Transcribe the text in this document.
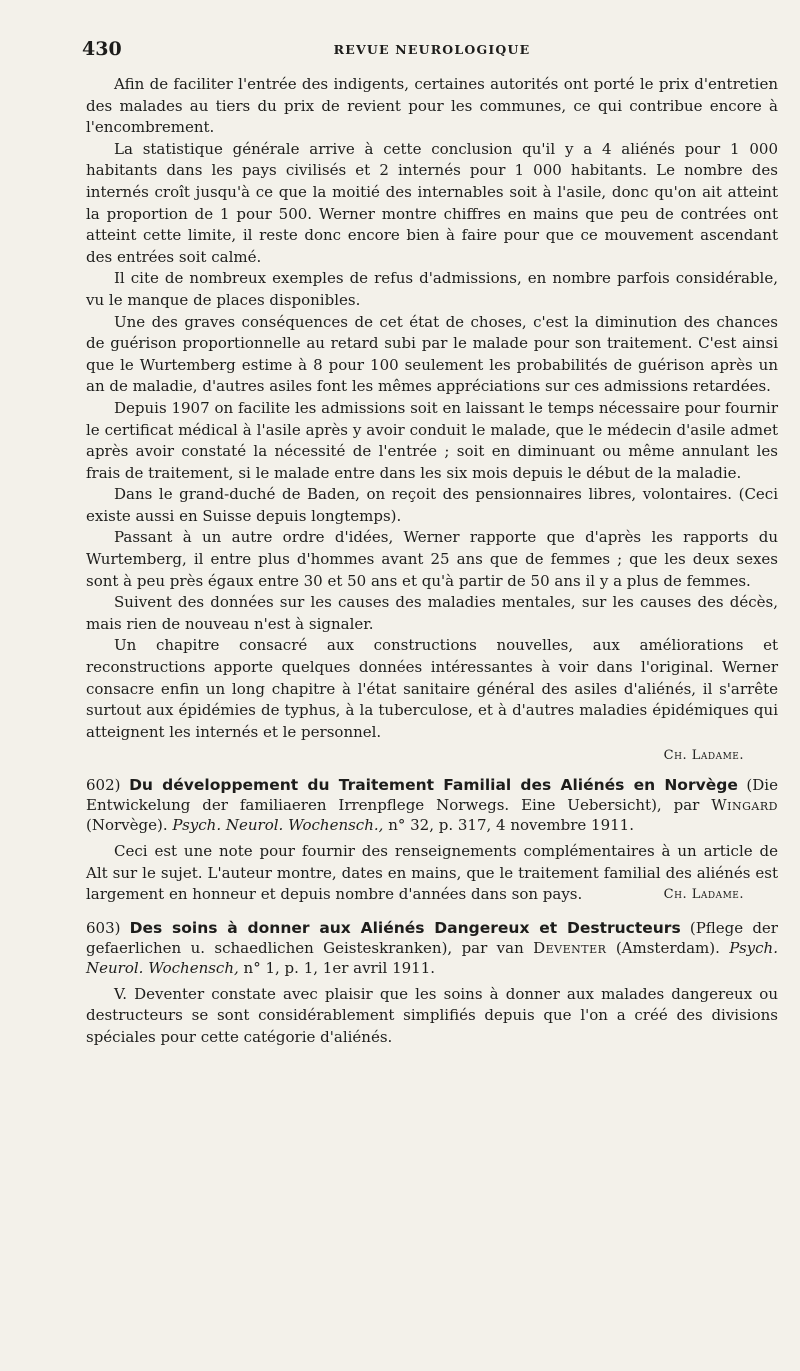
430	REVUE NEUROLOGIQUE

Afin de faciliter l'entrée des indigents, certaines autorités ont porté le prix d'entretien des malades au tiers du prix de revient pour les communes, ce qui contribue encore à l'encombrement.

La statistique générale arrive à cette conclusion qu'il y a 4 aliénés pour 1 000 habitants dans les pays civilisés et 2 internés pour 1 000 habitants. Le nombre des internés croît jusqu'à ce que la moitié des internables soit à l'asile, donc qu'on ait atteint la proportion de 1 pour 500. Werner montre chiffres en mains que peu de contrées ont atteint cette limite, il reste donc encore bien à faire pour que ce mouvement ascendant des entrées soit calmé.

Il cite de nombreux exemples de refus d'admissions, en nombre parfois considérable, vu le manque de places disponibles.

Une des graves conséquences de cet état de choses, c'est la diminution des chances de guérison proportionnelle au retard subi par le malade pour son traitement. C'est ainsi que le Wurtemberg estime à 8 pour 100 seulement les probabilités de guérison après un an de maladie, d'autres asiles font les mêmes appréciations sur ces admissions retardées.

Depuis 1907 on facilite les admissions soit en laissant le temps nécessaire pour fournir le certificat médical à l'asile après y avoir conduit le malade, que le médecin d'asile admet après avoir constaté la nécessité de l'entrée ; soit en diminuant ou même annulant les frais de traitement, si le malade entre dans les six mois depuis le début de la maladie.

Dans le grand-duché de Baden, on reçoit des pensionnaires libres, volontaires. (Ceci existe aussi en Suisse depuis longtemps).

Passant à un autre ordre d'idées, Werner rapporte que d'après les rapports du Wurtemberg, il entre plus d'hommes avant 25 ans que de femmes ; que les deux sexes sont à peu près égaux entre 30 et 50 ans et qu'à partir de 50 ans il y a plus de femmes.

Suivent des données sur les causes des maladies mentales, sur les causes des décès, mais rien de nouveau n'est à signaler.

Un chapitre consacré aux constructions nouvelles, aux améliorations et reconstructions apporte quelques données intéressantes à voir dans l'original. Werner consacre enfin un long chapitre à l'état sanitaire général des asiles d'aliénés, il s'arrête surtout aux épidémies de typhus, à la tuberculose, et à d'autres maladies épidémiques qui atteignent les internés et le personnel.

Ch. Ladame.
602) Du développement du Traitement Familial des Aliénés en Norvège (Die Entwickelung der familiaeren Irrenpflege Norwegs. Eine Uebersicht), par Wingard (Norvège). Psych. Neurol. Wochensch., n° 32, p. 317, 4 novembre 1911.

Ceci est une note pour fournir des renseignements complémentaires à un article de Alt sur le sujet. L'auteur montre, dates en mains, que le traitement familial des aliénés est largement en honneur et depuis nombre d'années dans son pays.	Ch. Ladame.

603) Des soins à donner aux Aliénés Dangereux et Destructeurs (Pflege der gefaerlichen u. schaedlichen Geisteskranken), par van Deventer (Amsterdam). Psych. Neurol. Wochensch, n° 1, p. 1, 1er avril 1911.

V. Deventer constate avec plaisir que les soins à donner aux malades dangereux ou destructeurs se sont considérablement simplifiés depuis que l'on a créé des divisions spéciales pour cette catégorie d'aliénés.
